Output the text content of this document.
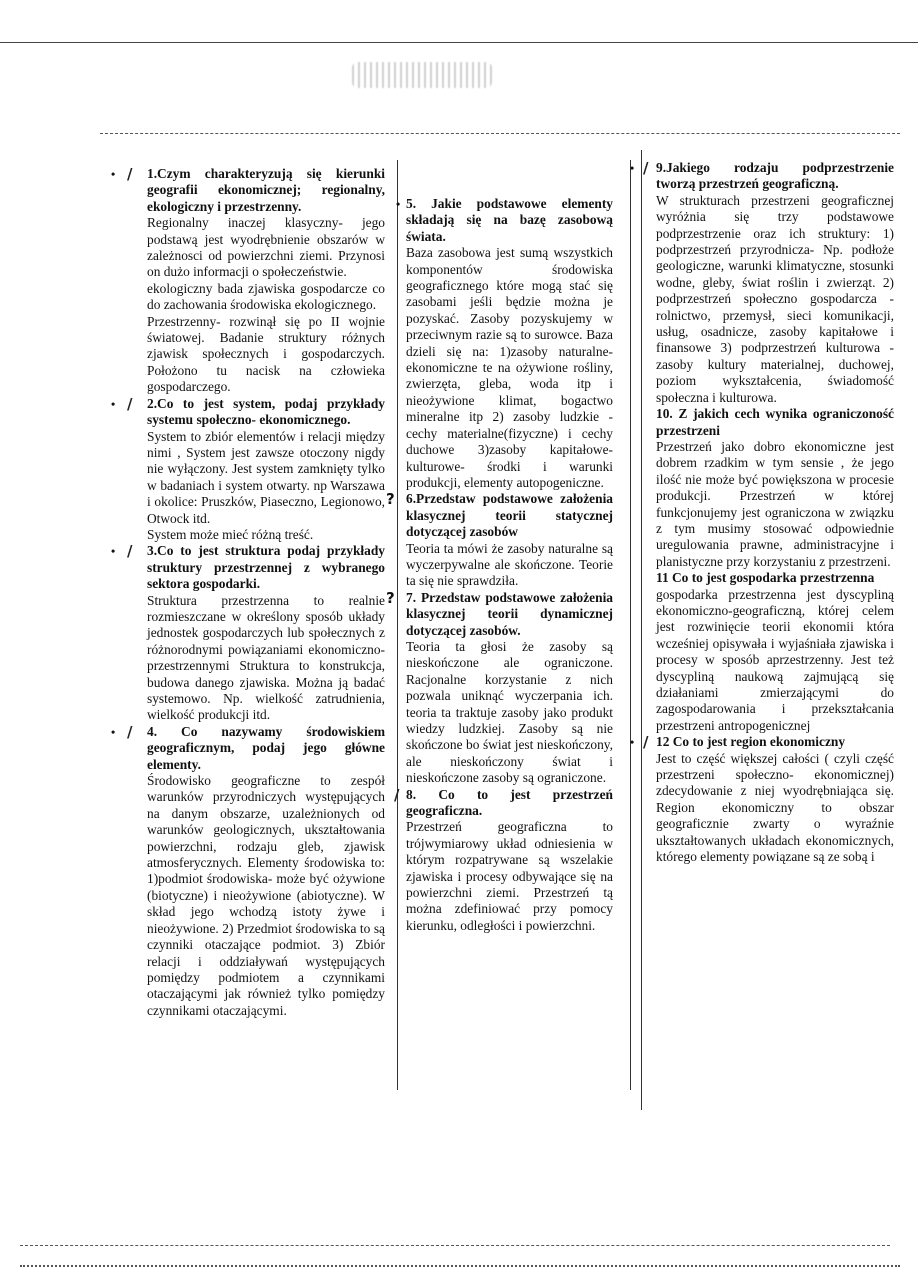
• /	1.Czym charakteryzują się kierunki geografii ekonomicznej; regionalny, ekologiczny i przestrzenny.

Regionalny inaczej klasyczny- jego podstawą jest wyodrębnienie obszarów w zależnosci od powierzchni ziemi. Przynosi on dużo informacji o społeczeństwie.

ekologiczny bada zjawiska gospodarcze co do zachowania środowiska ekologicznego.

Przestrzenny- rozwinął się po II wojnie światowej. Badanie struktury różnych zjawisk społecznych i gospodarczych. Położono tu nacisk na człowieka gospodarczego.

• /	2.Co to jest system, podaj przykłady systemu społeczno- ekonomicznego.

System to zbiór elementów i relacji między nimi , System jest zawsze otoczony nigdy nie wyłączony. Jest system zamknięty tylko w badaniach i system otwarty. np Warszawa i okolice: Pruszków, Piaseczno, Legionowo, Otwock itd.

System może mieć różną treść.

• /	3.Co to jest struktura podaj przykłady struktury przestrzennej z wybranego sektora gospodarki.

Struktura przestrzenna to realnie rozmieszczane w określony sposób układy jednostek gospodarczych lub społecznych z różnorodnymi powiązaniami ekonomiczno-przestrzennymi Struktura to konstrukcja, budowa danego zjawiska. Można ją badać systemowo. Np. wielkość zatrudnienia, wielkość produkcji itd.

• /	4. Co nazywamy środowiskiem geograficznym, podaj jego główne elementy.

Środowisko geograficzne to zespół warunków przyrodniczych występujących na danym obszarze, uzależnionych od warunków geologicznych, ukształtowania powierzchni, rodzaju gleb, zjawisk atmosferycznych. Elementy środowiska to: 1)podmiot środowiska- może być ożywione (biotyczne) i nieożywione (abiotyczne). W skład jego wchodzą istoty żywe i nieożywione. 2) Przedmiot środowiska to są czynniki otaczające podmiot. 3) Zbiór relacji i oddziaływań występujących pomiędzy podmiotem a czynnikami otaczającymi jak również tylko pomiędzy czynnikami otaczającymi.

• 5. Jakie podstawowe elementy składają się na bazę zasobową świata.

Baza zasobowa jest sumą wszystkich komponentów środowiska geograficznego które mogą stać się zasobami jeśli będzie można je pozyskać. Zasoby pozyskujemy w przeciwnym razie są to surowce. Baza dzieli się na: 1)zasoby naturalne- ekonomiczne te na ożywione rośliny, zwierzęta, gleba, woda itp i nieożywione klimat, bogactwo mineralne itp 2) zasoby ludzkie - cechy materialne(fizyczne) i cechy duchowe 3)zasoby kapitałowe-kulturowe- środki i warunki produkcji, elementy autopogeniczne.

? 6.Przedstaw podstawowe założenia klasycznej teorii statycznej dotyczącej zasobów

Teoria ta mówi że zasoby naturalne są wyczerpywalne ale skończone. Teorie ta się nie sprawdziła.

? 7. Przedstaw podstawowe założenia klasycznej teorii dynamicznej dotyczącej zasobów.

Teoria ta głosi że zasoby są nieskończone ale ograniczone. Racjonalne korzystanie z nich pozwala uniknąć wyczerpania ich. teoria ta traktuje zasoby jako produkt wiedzy ludzkiej. Zasoby są nie skończone bo świat jest nieskończony, ale nieskończony świat i nieskończone zasoby są ograniczone.

/ 8. Co to jest przestrzeń geograficzna.

Przestrzeń geograficzna to trójwymiarowy układ odniesienia w którym rozpatrywane są wszelakie zjawiska i procesy odbywające się na powierzchni ziemi. Przestrzeń tą można zdefiniować przy pomocy kierunku, odległości i powierzchni.

• / 9.Jakiego rodzaju podprzestrzenie tworzą przestrzeń geograficzną.

W strukturach przestrzeni geograficznej wyróżnia się trzy podstawowe podprzestrzenie oraz ich struktury: 1) podprzestrzeń przyrodnicza- Np. podłoże geologiczne, warunki klimatyczne, stosunki wodne, gleby, świat roślin i zwierząt. 2) podprzestrzeń społeczno gospodarcza - rolnictwo, przemysł, sieci komunikacji, usług, osadnicze, zasoby kapitałowe i finansowe 3) podprzestrzeń kulturowa - zasoby kultury materialnej, duchowej, poziom wykształcenia, świadomość społeczna i kulturowa.

10. Z jakich cech wynika ograniczoność przestrzeni

Przestrzeń jako dobro ekonomiczne jest dobrem rzadkim w tym sensie , że jego ilość nie może być powiększona w procesie produkcji. Przestrzeń w której funkcjonujemy jest ograniczona w związku z tym musimy stosować odpowiednie uregulowania prawne, administracyjne i planistyczne przy korzystaniu z przestrzeni.

11 Co to jest gospodarka przestrzenna

gospodarka przestrzenna jest dyscypliną ekonomiczno-geograficzną, której celem jest rozwinięcie teorii ekonomii która wcześniej opisywała i wyjaśniała zjawiska i procesy w sposób aprzestrzenny. Jest też dyscypliną naukową zajmującą się działaniami zmierzającymi do zagospodarowania i przekształcania przestrzeni antropogenicznej

• / 12 Co to jest region ekonomiczny

Jest to część większej całości ( czyli część przestrzeni społeczno- ekonomicznej) zdecydowanie z niej wyodrębniająca się. Region ekonomiczny to obszar geograficznie zwarty o wyraźnie ukształtowanych układach ekonomicznych, którego elementy powiązane są ze sobą i
